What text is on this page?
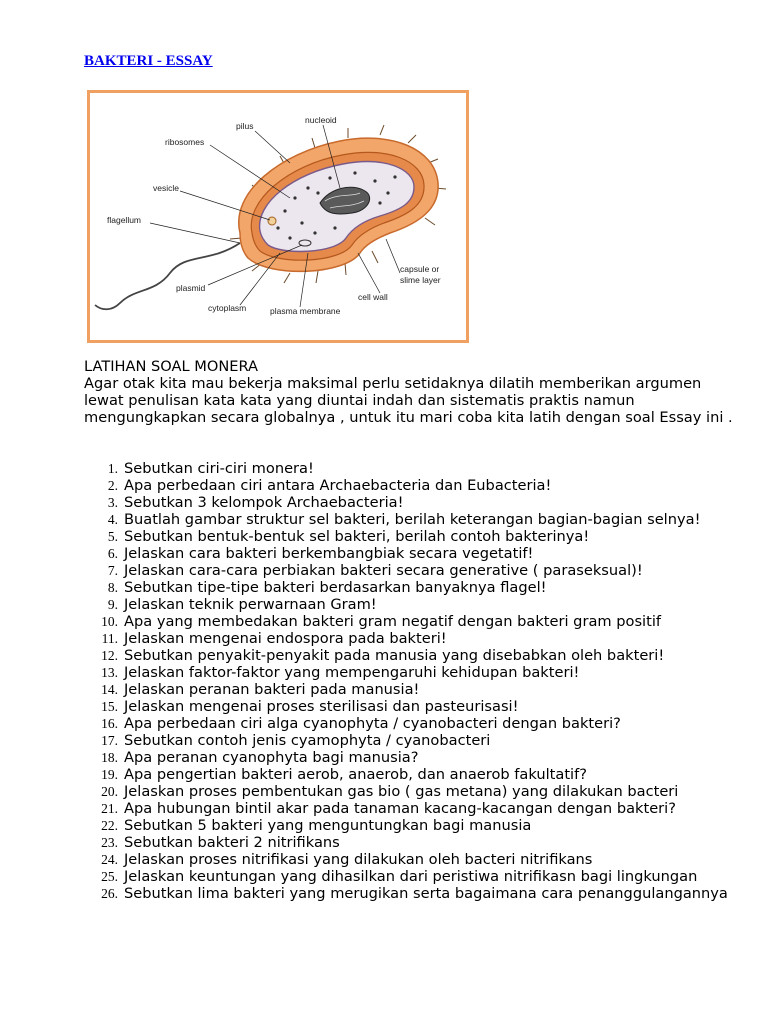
BAKTERI - ESSAY
pilus
nucleoid
ribosomes
vesicle
flagellum
plasmid
cytoplasm	plasma membrane
cell wall
capsule or
slime layer
LATIHAN SOAL MONERA

Agar otak kita mau bekerja maksimal perlu setidaknya dilatih memberikan argumen lewat penulisan kata kata yang diuntai indah dan sistematis praktis namun mengungkapkan secara globalnya , untuk itu mari coba kita latih dengan soal Essay ini .

1. Sebutkan ciri-ciri monera!
2. Apa perbedaan ciri antara Archaebacteria dan Eubacteria!
3. Sebutkan 3 kelompok Archaebacteria!
4. Buatlah gambar struktur sel bakteri, berilah keterangan bagian-bagian selnya!
5. Sebutkan bentuk-bentuk sel bakteri, berilah contoh bakterinya!
6. Jelaskan cara bakteri berkembangbiak secara vegetatif!
7. Jelaskan cara-cara perbiakan bakteri secara generative ( paraseksual)!
8. Sebutkan tipe-tipe bakteri berdasarkan banyaknya flagel!
9. Jelaskan teknik perwarnaan Gram!
10. Apa yang membedakan bakteri gram negatif dengan bakteri gram positif
11. Jelaskan mengenai endospora pada bakteri!
12. Sebutkan penyakit-penyakit pada manusia yang disebabkan oleh bakteri!
13. Jelaskan faktor-faktor yang mempengaruhi kehidupan bakteri!
14. Jelaskan peranan bakteri pada manusia!
15. Jelaskan mengenai proses sterilisasi dan pasteurisasi!
16. Apa perbedaan ciri alga cyanophyta / cyanobacteri dengan bakteri?
17. Sebutkan contoh jenis cyamophyta / cyanobacteri
18. Apa peranan cyanophyta bagi manusia?
19. Apa pengertian bakteri aerob, anaerob, dan anaerob fakultatif?
20. Jelaskan proses pembentukan gas bio ( gas metana) yang dilakukan bacteri
21. Apa hubungan bintil akar pada tanaman kacang-kacangan dengan bakteri?
22. Sebutkan 5 bakteri yang menguntungkan bagi manusia
23. Sebutkan bakteri 2 nitrifikans
24. Jelaskan proses nitrifikasi yang dilakukan oleh bacteri nitrifikans
25. Jelaskan keuntungan yang dihasilkan dari peristiwa nitrifikasn bagi lingkungan
26. Sebutkan lima bakteri yang merugikan serta bagaimana cara penanggulangannya
